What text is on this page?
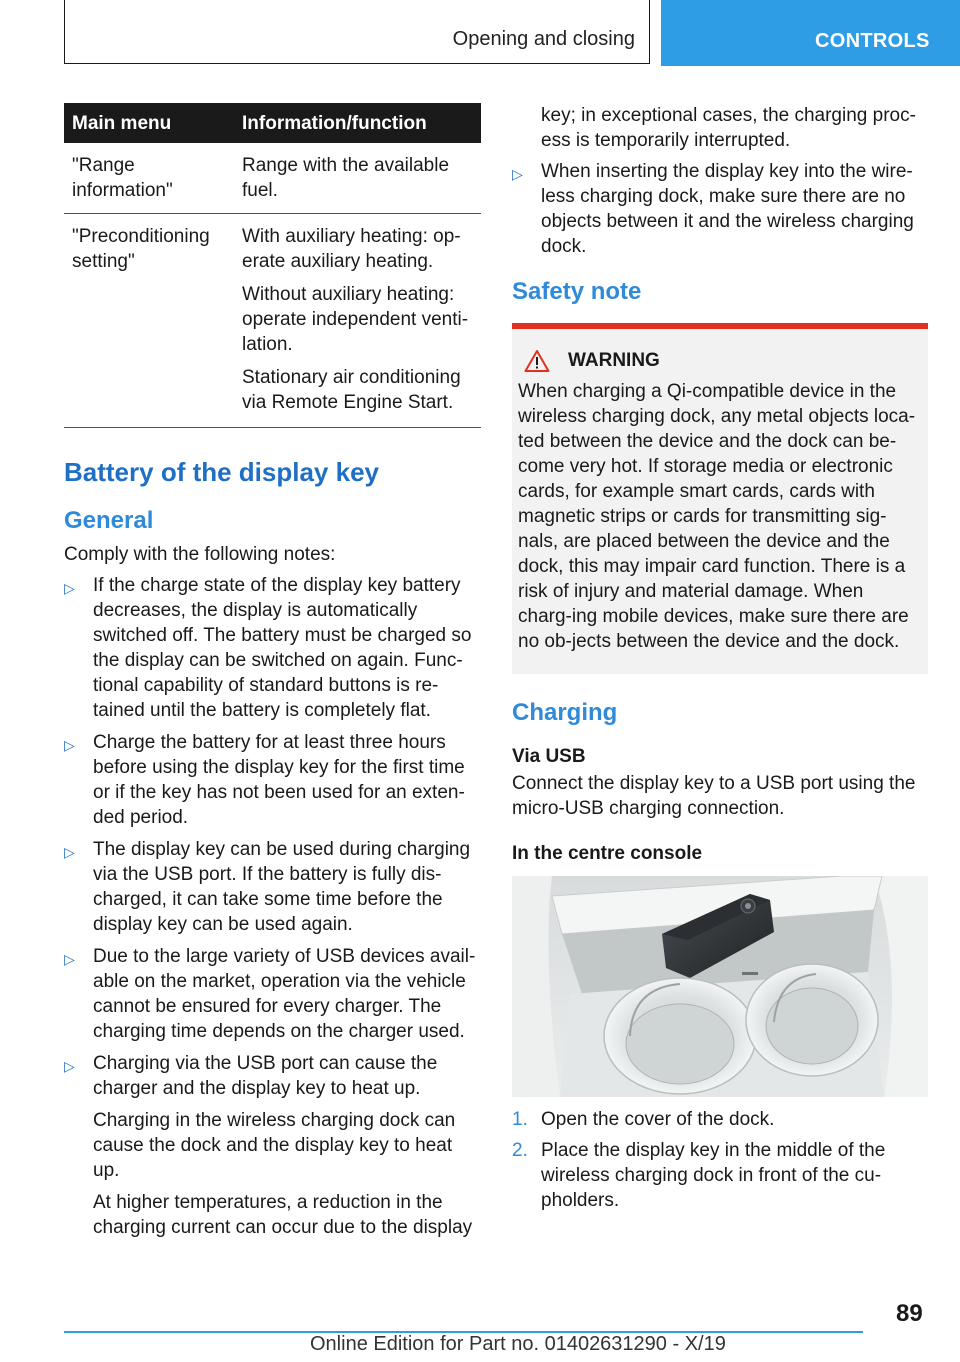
Opening and closing	CONTROLS
Main menu	Information/function
"Range information"	Range with the available fuel.

"Preconditioning setting"	With auxiliary heating: op-erate auxiliary heating.

Without auxiliary heating: operate independent venti-lation.

Stationary air conditioning via Remote Engine Start.

Battery of the display key
General

Comply with the following notes:

▷ If the charge state of the display key battery decreases, the display is automatically switched off. The battery must be charged so the display can be switched on again. Func-tional capability of standard buttons is re-tained until the battery is completely flat.

▷ Charge the battery for at least three hours before using the display key for the first time or if the key has not been used for an exten-ded period.

▷ The display key can be used during charging via the USB port. If the battery is fully dis-charged, it can take some time before the display key can be used again.

▷ Due to the large variety of USB devices avail-able on the market, operation via the vehicle cannot be ensured for every charger. The charging time depends on the charger used.

▷ Charging via the USB port can cause the charger and the display key to heat up.

Charging in the wireless charging dock can cause the dock and the display key to heat up.

At higher temperatures, a reduction in the charging current can occur due to the display

key; in exceptional cases, the charging proc-ess is temporarily interrupted.

▷ When inserting the display key into the wire-less charging dock, make sure there are no objects between it and the wireless charging dock.

Safety note
WARNING
When charging a Qi-compatible device in the wireless charging dock, any metal objects loca-ted between the device and the dock can be-come very hot. If storage media or electronic cards, for example smart cards, cards with magnetic strips or cards for transmitting sig-nals, are placed between the device and the dock, this may impair card function. There is a risk of injury and material damage. When charg-ing mobile devices, make sure there are no ob-jects between the device and the dock.
Charging
Via USB

Connect the display key to a USB port using the micro-USB charging connection.

In the centre console
1. Open the cover of the dock.
2. Place the display key in the middle of the wireless charging dock in front of the cu-pholders.
89
Online Edition for Part no. 01402631290 - X/19
